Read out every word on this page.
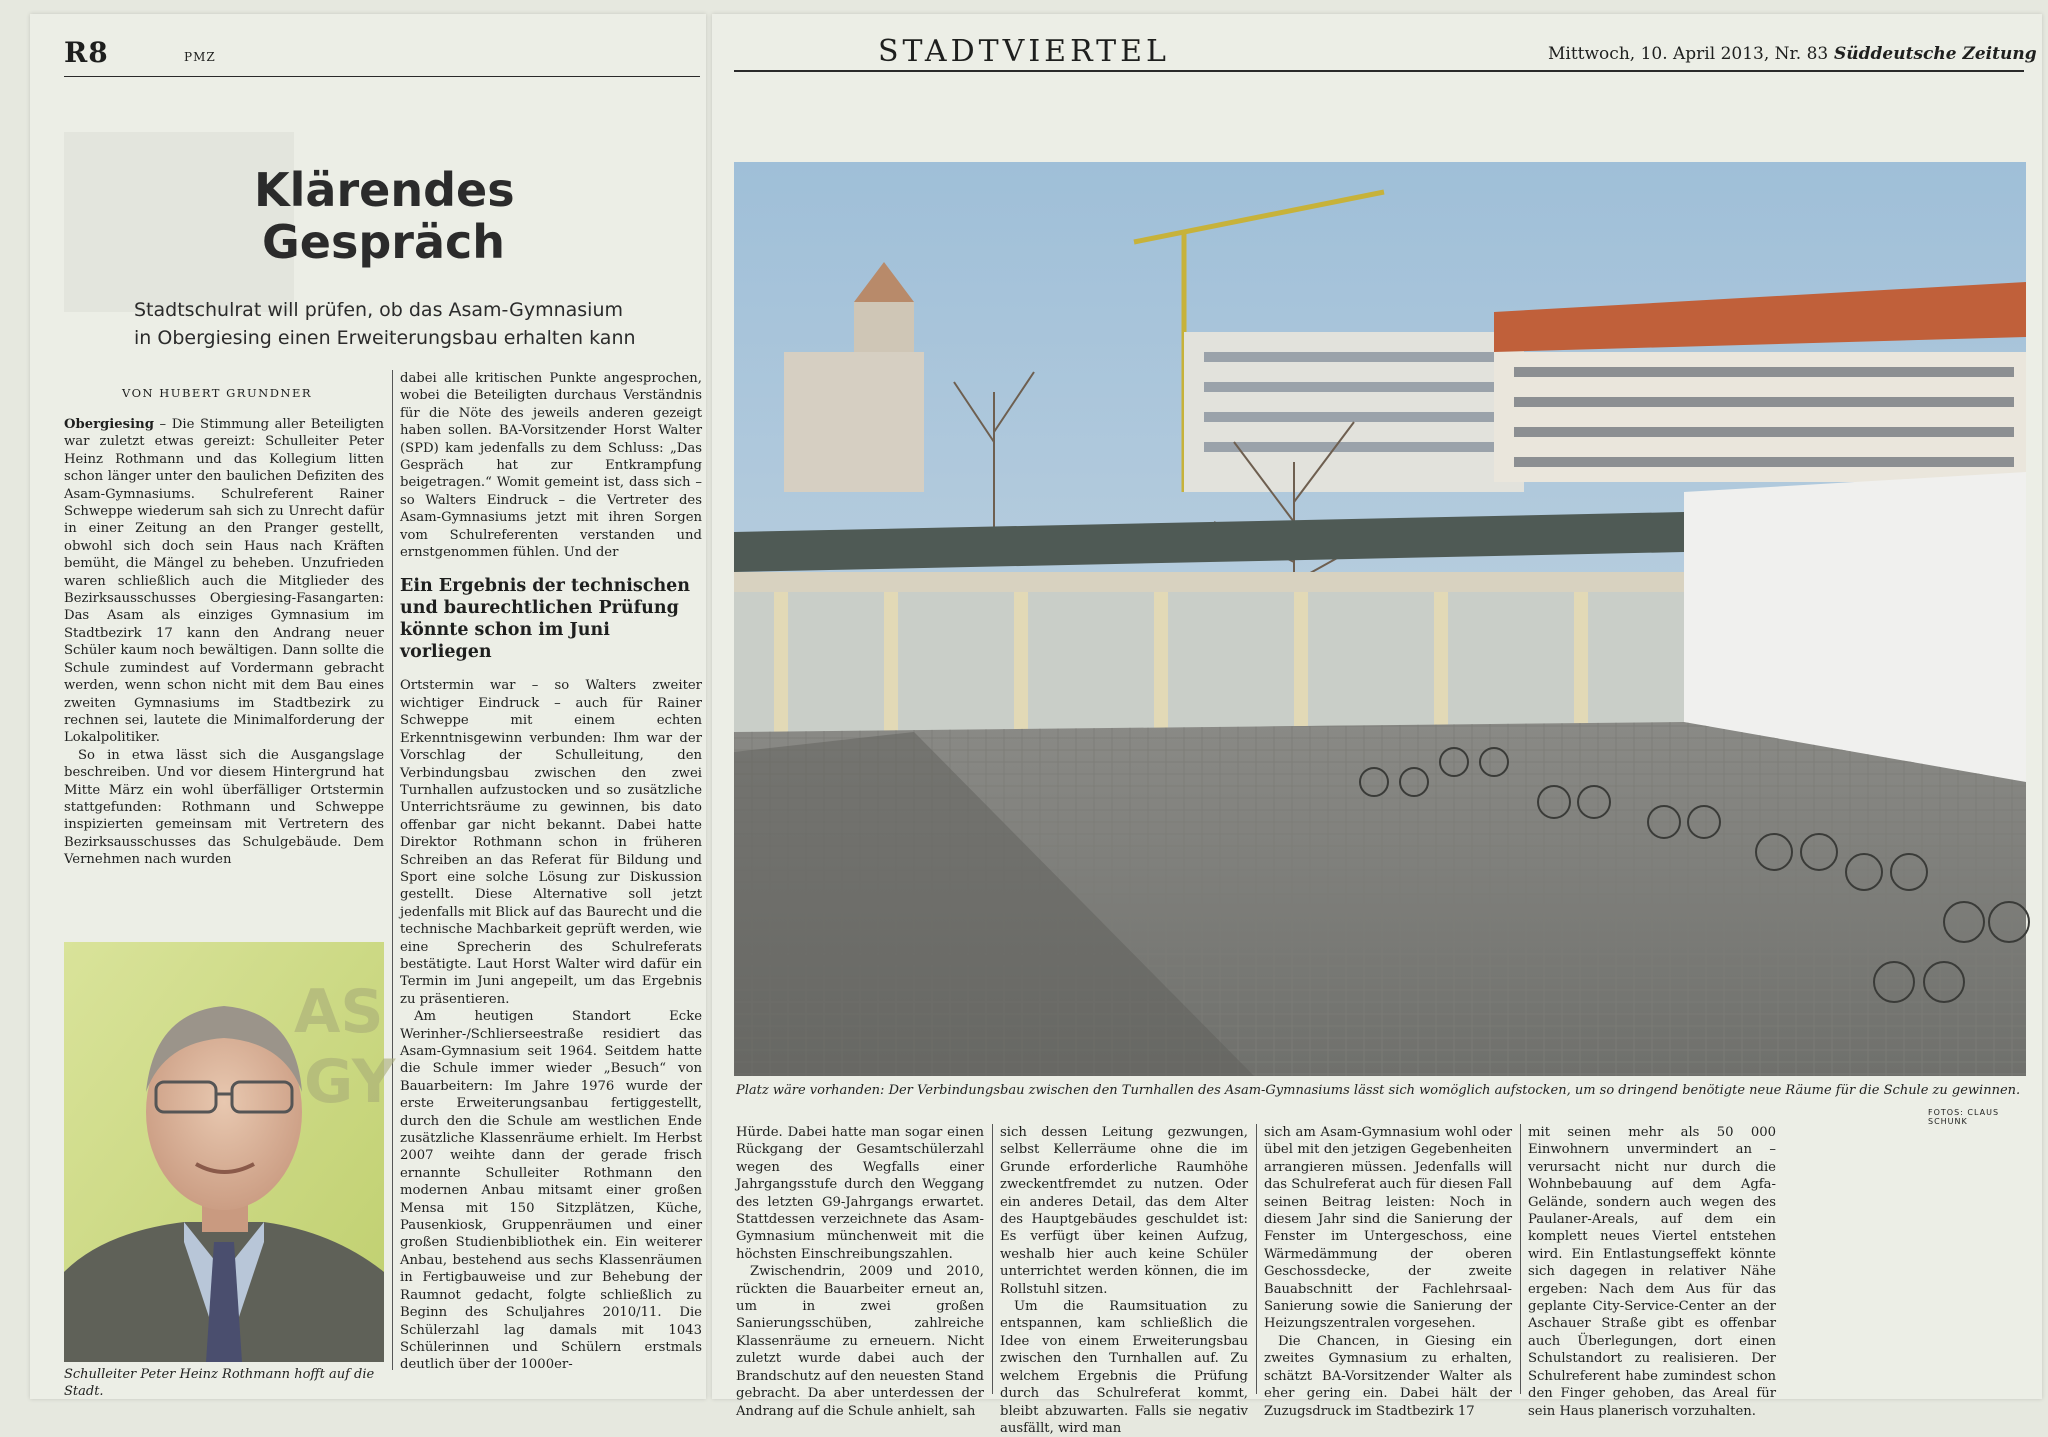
R8	PMZ
Klärendes
Gespräch
Stadtschulrat will prüfen, ob das Asam-Gymnasium
in Obergiesing einen Erweiterungsbau erhalten kann
VON HUBERT GRUNDNER

Obergiesing – Die Stimmung aller Beteiligten war zuletzt etwas gereizt: Schulleiter Peter Heinz Rothmann und das Kollegium litten schon länger unter den baulichen Defiziten des Asam-Gymnasiums. Schulreferent Rainer Schweppe wiederum sah sich zu Unrecht dafür in einer Zeitung an den Pranger gestellt, obwohl sich doch sein Haus nach Kräften bemüht, die Mängel zu beheben. Unzufrieden waren schließlich auch die Mitglieder des Bezirksausschusses Obergiesing-Fasangarten: Das Asam als einziges Gymnasium im Stadtbezirk 17 kann den Andrang neuer Schüler kaum noch bewältigen. Dann sollte die Schule zumindest auf Vordermann gebracht werden, wenn schon nicht mit dem Bau eines zweiten Gymnasiums im Stadtbezirk zu rechnen sei, lautete die Minimalforderung der Lokalpolitiker.

So in etwa lässt sich die Ausgangslage beschreiben. Und vor diesem Hintergrund hat Mitte März ein wohl überfälliger Ortstermin stattgefunden: Rothmann und Schweppe inspizierten gemeinsam mit Vertretern des Bezirksausschusses das Schulgebäude. Dem Vernehmen nach wurden

dabei alle kritischen Punkte angesprochen, wobei die Beteiligten durchaus Verständnis für die Nöte des jeweils anderen gezeigt haben sollen. BA-Vorsitzender Horst Walter (SPD) kam jedenfalls zu dem Schluss: „Das Gespräch hat zur Entkrampfung beigetragen.“ Womit gemeint ist, dass sich – so Walters Eindruck – die Vertreter des Asam-Gymnasiums jetzt mit ihren Sorgen vom Schulreferenten verstanden und ernstgenommen fühlen. Und der

Ein Ergebnis der technischen und baurechtlichen Prüfung könnte schon im Juni vorliegen

Ortstermin war – so Walters zweiter wichtiger Eindruck – auch für Rainer Schweppe mit einem echten Erkenntnisgewinn verbunden: Ihm war der Vorschlag der Schulleitung, den Verbindungsbau zwischen den zwei Turnhallen aufzustocken und so zusätzliche Unterrichtsräume zu gewinnen, bis dato offenbar gar nicht bekannt. Dabei hatte Direktor Rothmann schon in früheren Schreiben an das Referat für Bildung und Sport eine solche Lösung zur Diskussion gestellt. Diese Alternative soll jetzt jedenfalls mit Blick auf das Baurecht und die technische Machbarkeit geprüft werden, wie eine Sprecherin des Schulreferats bestätigte. Laut Horst Walter wird dafür ein Termin im Juni angepeilt, um das Ergebnis zu präsentieren.

Am heutigen Standort Ecke Werinher-/Schlierseestraße residiert das Asam-Gymnasium seit 1964. Seitdem hatte die Schule immer wieder „Besuch“ von Bauarbeitern: Im Jahre 1976 wurde der erste Erweiterungsanbau fertiggestellt, durch den die Schule am westlichen Ende zusätzliche Klassenräume erhielt. Im Herbst 2007 weihte dann der gerade frisch ernannte Schulleiter Rothmann den modernen Anbau mitsamt einer großen Mensa mit 150 Sitzplätzen, Küche, Pausenkiosk, Gruppenräumen und einer großen Studienbibliothek ein. Ein weiterer Anbau, bestehend aus sechs Klassenräumen in Fertigbauweise und zur Behebung der Raumnot gedacht, folgte schließlich zu Beginn des Schuljahres 2010/11. Die Schülerzahl lag damals mit 1043 Schülerinnen und Schülern erstmals deutlich über der 1000er-

AS
GY
Schulleiter Peter Heinz Rothmann hofft auf die Stadt.
STADTVIERTEL	Mittwoch, 10. April 2013, Nr. 83 Süddeutsche Zeitung
Platz wäre vorhanden: Der Verbindungsbau zwischen den Turnhallen des Asam-Gymnasiums lässt sich womöglich aufstocken, um so dringend benötigte neue Räume für die Schule zu gewinnen.
FOTOS: CLAUS SCHUNK

Hürde. Dabei hatte man sogar einen Rückgang der Gesamtschülerzahl wegen des Wegfalls einer Jahrgangsstufe durch den Weggang des letzten G9-Jahrgangs erwartet. Stattdessen verzeichnete das Asam-Gymnasium münchenweit mit die höchsten Einschreibungszahlen.

Zwischendrin, 2009 und 2010, rückten die Bauarbeiter erneut an, um in zwei großen Sanierungsschüben, zahlreiche Klassenräume zu erneuern. Nicht zuletzt wurde dabei auch der Brandschutz auf den neuesten Stand gebracht. Da aber unterdessen der Andrang auf die Schule anhielt, sah

sich dessen Leitung gezwungen, selbst Kellerräume ohne die im Grunde erforderliche Raumhöhe zweckentfremdet zu nutzen. Oder ein anderes Detail, das dem Alter des Hauptgebäudes geschuldet ist: Es verfügt über keinen Aufzug, weshalb hier auch keine Schüler unterrichtet werden können, die im Rollstuhl sitzen.

Um die Raumsituation zu entspannen, kam schließlich die Idee von einem Erweiterungsbau zwischen den Turnhallen auf. Zu welchem Ergebnis die Prüfung durch das Schulreferat kommt, bleibt abzuwarten. Falls sie negativ ausfällt, wird man

sich am Asam-Gymnasium wohl oder übel mit den jetzigen Gegebenheiten arrangieren müssen. Jedenfalls will das Schulreferat auch für diesen Fall seinen Beitrag leisten: Noch in diesem Jahr sind die Sanierung der Fenster im Untergeschoss, eine Wärmedämmung der oberen Geschossdecke, der zweite Bauabschnitt der Fachlehrsaal-Sanierung sowie die Sanierung der Heizungszentralen vorgesehen.

Die Chancen, in Giesing ein zweites Gymnasium zu erhalten, schätzt BA-Vorsitzender Walter als eher gering ein. Dabei hält der Zuzugsdruck im Stadtbezirk 17

mit seinen mehr als 50 000 Einwohnern unvermindert an – verursacht nicht nur durch die Wohnbebauung auf dem Agfa-Gelände, sondern auch wegen des Paulaner-Areals, auf dem ein komplett neues Viertel entstehen wird. Ein Entlastungseffekt könnte sich dagegen in relativer Nähe ergeben: Nach dem Aus für das geplante City-Service-Center an der Aschauer Straße gibt es offenbar auch Überlegungen, dort einen Schulstandort zu realisieren. Der Schulreferent habe zumindest schon den Finger gehoben, das Areal für sein Haus planerisch vorzuhalten.
